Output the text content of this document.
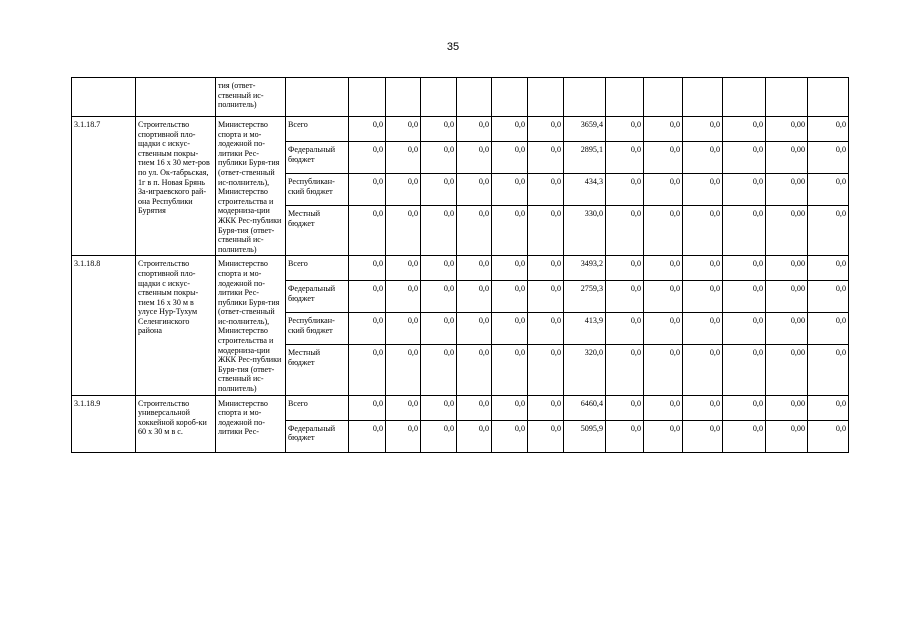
35
		тия (ответ-ственный ис-полнитель)														
3.1.18.7	Строительство спортивной пло-щадки с искус-ственным покры-тием 16 х 30 мет-ров по ул. Ок-табрьская, 1г в п. Новая Брянь За-играевского рай-она Республики Бурятия	Министерство спорта и мо-лодежной по-литики Рес-публики Буря-тия (ответ-ственный ис-полнитель), Министерство строительства и модерниза-ции ЖКК Рес-публики Буря-тия (ответ-ственный ис-полнитель)	Всего	0,0	0,0	0,0	0,0	0,0	0,0	3659,4	0,0	0,0	0,0	0,0	0,00	0,0
			Федеральный бюджет	0,0	0,0	0,0	0,0	0,0	0,0	2895,1	0,0	0,0	0,0	0,0	0,00	0,0
			Республикан-ский бюджет	0,0	0,0	0,0	0,0	0,0	0,0	434,3	0,0	0,0	0,0	0,0	0,00	0,0
			Местный бюджет	0,0	0,0	0,0	0,0	0,0	0,0	330,0	0,0	0,0	0,0	0,0	0,00	0,0
3.1.18.8	Строительство спортивной пло-щадки с искус-ственным покры-тием 16 х 30 м в улусе Нур-Тухум Селенгинского района	Министерство спорта и мо-лодежной по-литики Рес-публики Буря-тия (ответ-ственный ис-полнитель), Министерство строительства и модерниза-ции ЖКК Рес-публики Буря-тия (ответ-ственный ис-полнитель)	Всего	0,0	0,0	0,0	0,0	0,0	0,0	3493,2	0,0	0,0	0,0	0,0	0,00	0,0
			Федеральный бюджет	0,0	0,0	0,0	0,0	0,0	0,0	2759,3	0,0	0,0	0,0	0,0	0,00	0,0
			Республикан-ский бюджет	0,0	0,0	0,0	0,0	0,0	0,0	413,9	0,0	0,0	0,0	0,0	0,00	0,0
			Местный бюджет	0,0	0,0	0,0	0,0	0,0	0,0	320,0	0,0	0,0	0,0	0,0	0,00	0,0
3.1.18.9	Строительство универсальной хоккейной короб-ки 60 х 30 м в с.	Министерство спорта и мо-лодежной по-литики Рес-	Всего	0,0	0,0	0,0	0,0	0,0	0,0	6460,4	0,0	0,0	0,0	0,0	0,00	0,0
			Федеральный бюджет	0,0	0,0	0,0	0,0	0,0	0,0	5095,9	0,0	0,0	0,0	0,0	0,00	0,0
